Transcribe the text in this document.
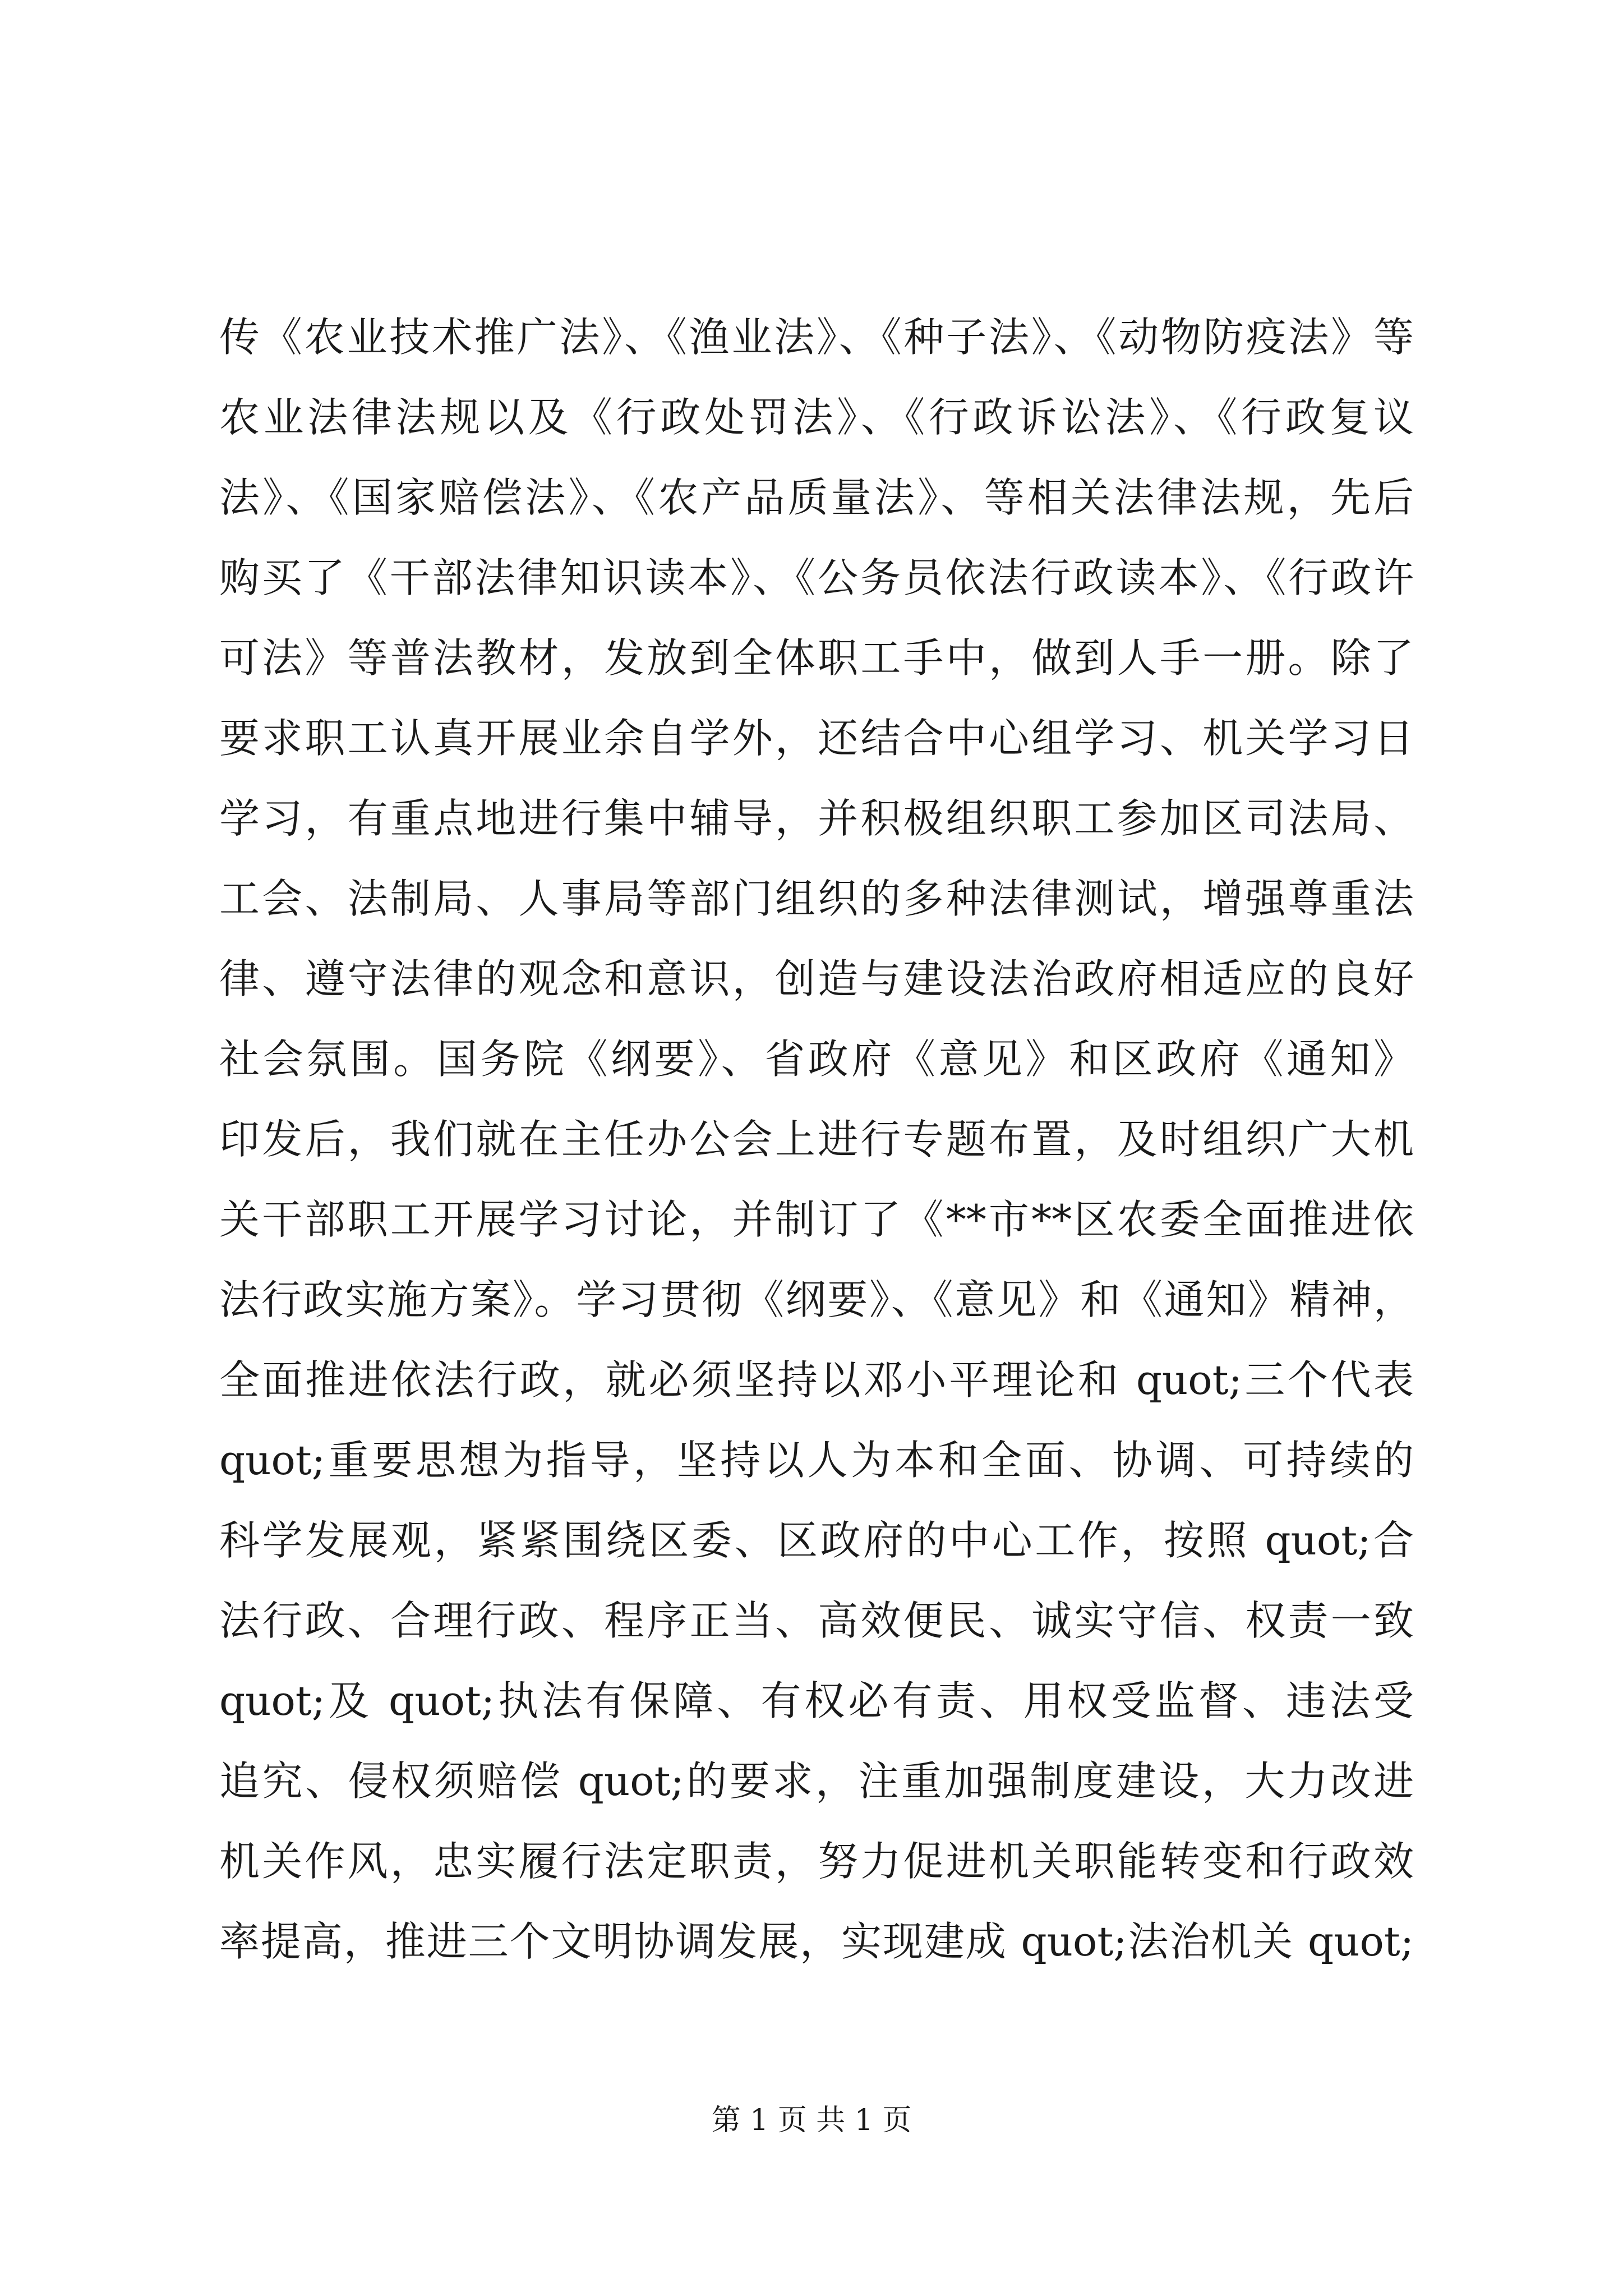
传《农业技术推广法》、《渔业法》、《种子法》、《动物防疫法》等
农业法律法规以及《行政处罚法》、《行政诉讼法》、《行政复议
法》、《国家赔偿法》、《农产品质量法》、等相关法律法规，先后
购买了《干部法律知识读本》、《公务员依法行政读本》、《行政许
可法》等普法教材，发放到全体职工手中，做到人手一册。除了
要求职工认真开展业余自学外，还结合中心组学习、机关学习日
学习，有重点地进行集中辅导，并积极组织职工参加区司法局、
工会、法制局、人事局等部门组织的多种法律测试，增强尊重法
律、遵守法律的观念和意识，创造与建设法治政府相适应的良好
社会氛围。国务院《纲要》、省政府《意见》和区政府《通知》
印发后，我们就在主任办公会上进行专题布置，及时组织广大机
关干部职工开展学习讨论，并制订了《**市**区农委全面推进依
法行政实施方案》。学习贯彻《纲要》、《意见》和《通知》精神，
全面推进依法行政，就必须坚持以邓小平理论和 quot;三个代表
quot;重要思想为指导，坚持以人为本和全面、协调、可持续的
科学发展观，紧紧围绕区委、区政府的中心工作，按照 quot;合
法行政、合理行政、程序正当、高效便民、诚实守信、权责一致
quot;及 quot;执法有保障、有权必有责、用权受监督、违法受
追究、侵权须赔偿 quot;的要求，注重加强制度建设，大力改进
机关作风，忠实履行法定职责，努力促进机关职能转变和行政效
率提高，推进三个文明协调发展，实现建成 quot;法治机关 quot;
第 1 页 共 1 页
